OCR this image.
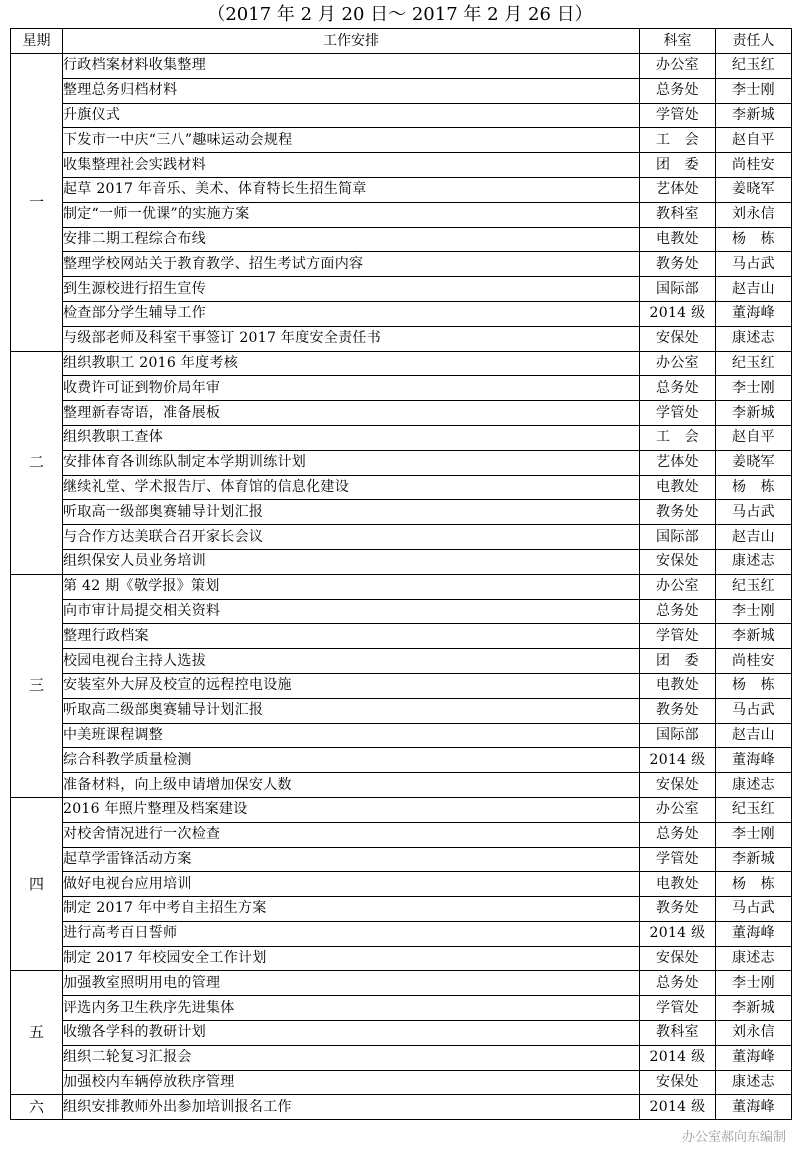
（2017 年 2 月 20 日～ 2017 年 2 月 26 日）
星期	工作安排	科室	责任人
一	行政档案材料收集整理	办公室	纪玉红
	整理总务归档材料	总务处	李士刚
	升旗仪式	学管处	李新城
	下发市一中庆“三八”趣味运动会规程	工　会	赵自平
	收集整理社会实践材料	团　委	尚桂安
	起草 2017 年音乐、美术、体育特长生招生简章	艺体处	姜晓军
	制定“一师一优课”的实施方案	教科室	刘永信
	安排二期工程综合布线	电教处	杨　栋
	整理学校网站关于教育教学、招生考试方面内容	教务处	马占武
	到生源校进行招生宣传	国际部	赵吉山
	检查部分学生辅导工作	2014 级	董海峰
	与级部老师及科室干事签订 2017 年度安全责任书	安保处	康述志
二	组织教职工 2016 年度考核	办公室	纪玉红
	收费许可证到物价局年审	总务处	李士刚
	整理新春寄语，准备展板	学管处	李新城
	组织教职工查体	工　会	赵自平
	安排体育各训练队制定本学期训练计划	艺体处	姜晓军
	继续礼堂、学术报告厅、体育馆的信息化建设	电教处	杨　栋
	听取高一级部奥赛辅导计划汇报	教务处	马占武
	与合作方达美联合召开家长会议	国际部	赵吉山
	组织保安人员业务培训	安保处	康述志
三	第 42 期《敬学报》策划	办公室	纪玉红
	向市审计局提交相关资料	总务处	李士刚
	整理行政档案	学管处	李新城
	校园电视台主持人选拔	团　委	尚桂安
	安装室外大屏及校宣的远程控电设施	电教处	杨　栋
	听取高二级部奥赛辅导计划汇报	教务处	马占武
	中美班课程调整	国际部	赵吉山
	综合科教学质量检测	2014 级	董海峰
	准备材料，向上级申请增加保安人数	安保处	康述志
四	2016 年照片整理及档案建设	办公室	纪玉红
	对校舍情况进行一次检查	总务处	李士刚
	起草学雷锋活动方案	学管处	李新城
	做好电视台应用培训	电教处	杨　栋
	制定 2017 年中考自主招生方案	教务处	马占武
	进行高考百日誓师	2014 级	董海峰
	制定 2017 年校园安全工作计划	安保处	康述志
五	加强教室照明用电的管理	总务处	李士刚
	评选内务卫生秩序先进集体	学管处	李新城
	收缴各学科的教研计划	教科室	刘永信
	组织二轮复习汇报会	2014 级	董海峰
	加强校内车辆停放秩序管理	安保处	康述志
六	组织安排教师外出参加培训报名工作	2014 级	董海峰
办公室郝向东编制
